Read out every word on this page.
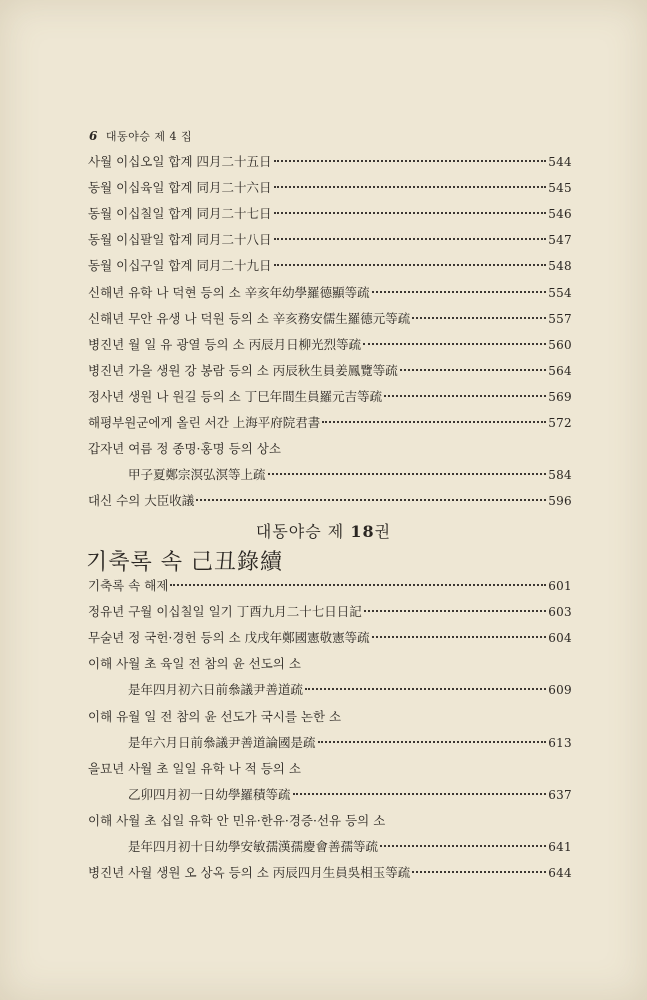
6 대동야승 제 4 집
사월 이십오일 합계 四月二十五日	544
동월 이십육일 합계 同月二十六日	545
동월 이십칠일 합계 同月二十七日	546
동월 이십팔일 합계 同月二十八日	547
동월 이십구일 합계 同月二十九日	548
신해년 유학 나 덕현 등의 소 辛亥年幼學羅德顯等疏	554
신해년 무안 유생 나 덕원 등의 소 辛亥務安儒生羅德元等疏	557
병진년 월 일 유 광열 등의 소 丙辰月日柳光烈等疏	560
병진년 가을 생원 강 봉람 등의 소 丙辰秋生員姜鳳覽等疏	564
정사년 생원 나 원길 등의 소 丁巳年間生員羅元吉等疏	569
해평부원군에게 올린 서간 上海平府院君書	572
갑자년 여름 정 종명·홍명 등의 상소
甲子夏鄭宗溟弘溟等上疏	584
대신 수의 大臣收議	596
대동야승 제 18권
기축록 속 己丑錄續
기축록 속 해제	601
정유년 구월 이십칠일 일기 丁酉九月二十七日日記	603
무술년 정 국헌·경헌 등의 소 戊戌年鄭國憲敬憲等疏	604
이해 사월 초 육일 전 참의 윤 선도의 소
是年四月初六日前叅議尹善道疏	609
이해 유월 일 전 참의 윤 선도가 국시를 논한 소
是年六月日前叅議尹善道論國是疏	613
을묘년 사월 초 일일 유학 나 적 등의 소
乙卯四月初一日幼學羅積等疏	637
이해 사월 초 십일 유학 안 민유·한유·경증·선유 등의 소
是年四月初十日幼學安敏孺漢孺慶會善孺等疏	641
병진년 사월 생원 오 상옥 등의 소 丙辰四月生員吳相玉等疏	644
